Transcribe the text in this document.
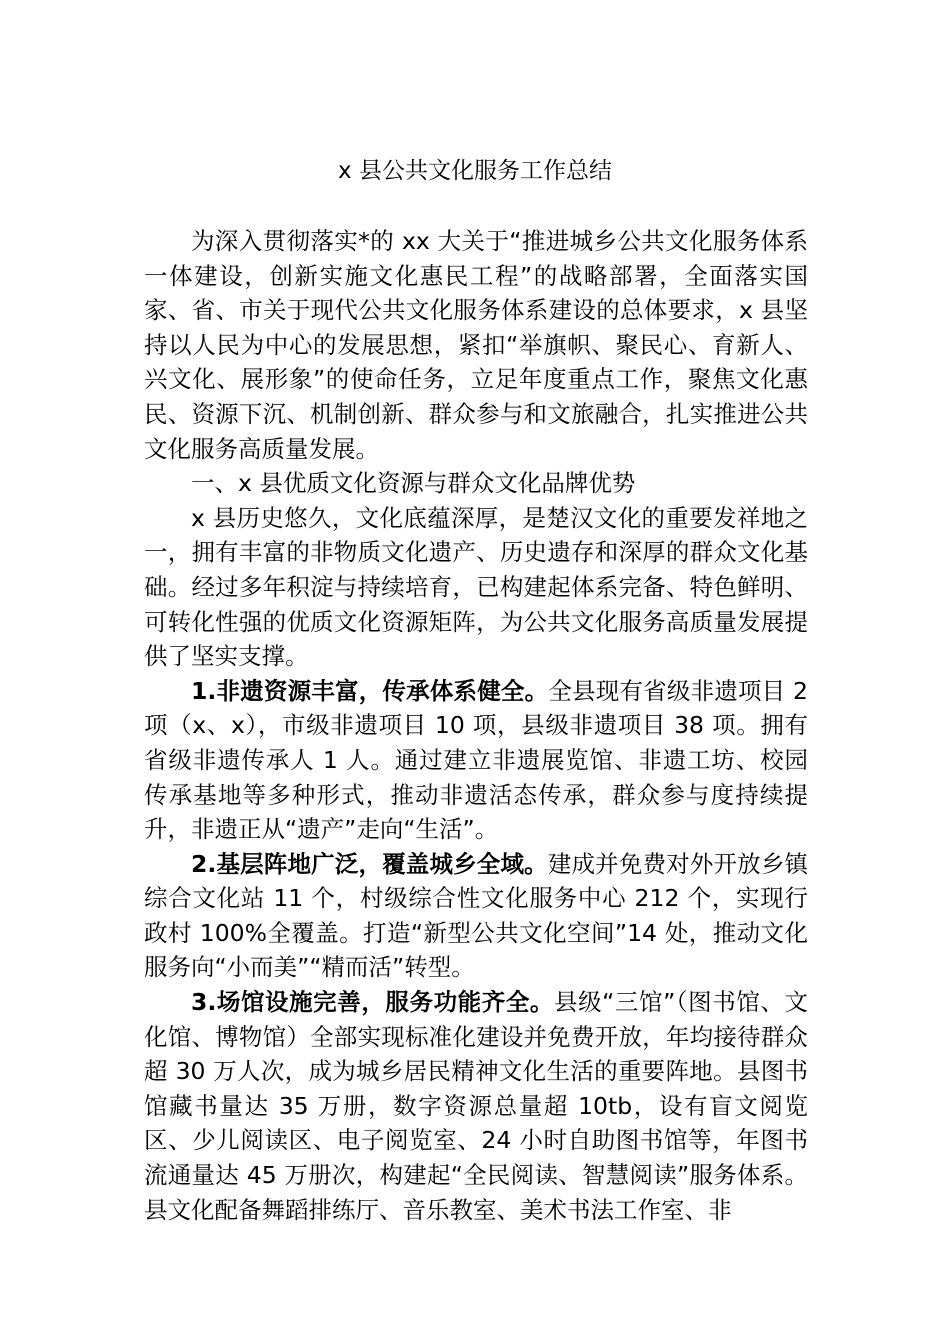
x 县公共文化服务工作总结

为深入贯彻落实*的 xx 大关于“推进城乡公共文化服务体系一体建设，创新实施文化惠民工程”的战略部署，全面落实国家、省、市关于现代公共文化服务体系建设的总体要求，x 县坚持以人民为中心的发展思想，紧扣“举旗帜、聚民心、育新人、兴文化、展形象”的使命任务，立足年度重点工作，聚焦文化惠民、资源下沉、机制创新、群众参与和文旅融合，扎实推进公共文化服务高质量发展。

一、x 县优质文化资源与群众文化品牌优势

x 县历史悠久，文化底蕴深厚，是楚汉文化的重要发祥地之一，拥有丰富的非物质文化遗产、历史遗存和深厚的群众文化基础。经过多年积淀与持续培育，已构建起体系完备、特色鲜明、可转化性强的优质文化资源矩阵，为公共文化服务高质量发展提供了坚实支撑。

1.非遗资源丰富，传承体系健全。全县现有省级非遗项目 2 项（x、x），市级非遗项目 10 项，县级非遗项目 38 项。拥有省级非遗传承人 1 人。通过建立非遗展览馆、非遗工坊、校园传承基地等多种形式，推动非遗活态传承，群众参与度持续提升，非遗正从“遗产”走向“生活”。

2.基层阵地广泛，覆盖城乡全域。建成并免费对外开放乡镇综合文化站 11 个，村级综合性文化服务中心 212 个，实现行政村 100%全覆盖。打造“新型公共文化空间”14 处，推动文化服务向“小而美”“精而活”转型。

3.场馆设施完善，服务功能齐全。县级“三馆”（图书馆、文化馆、博物馆）全部实现标准化建设并免费开放，年均接待群众超 30 万人次，成为城乡居民精神文化生活的重要阵地。县图书馆藏书量达 35 万册，数字资源总量超 10tb，设有盲文阅览区、少儿阅读区、电子阅览室、24 小时自助图书馆等，年图书流通量达 45 万册次，构建起“全民阅读、智慧阅读”服务体系。县文化配备舞蹈排练厅、音乐教室、美术书法工作室、非
